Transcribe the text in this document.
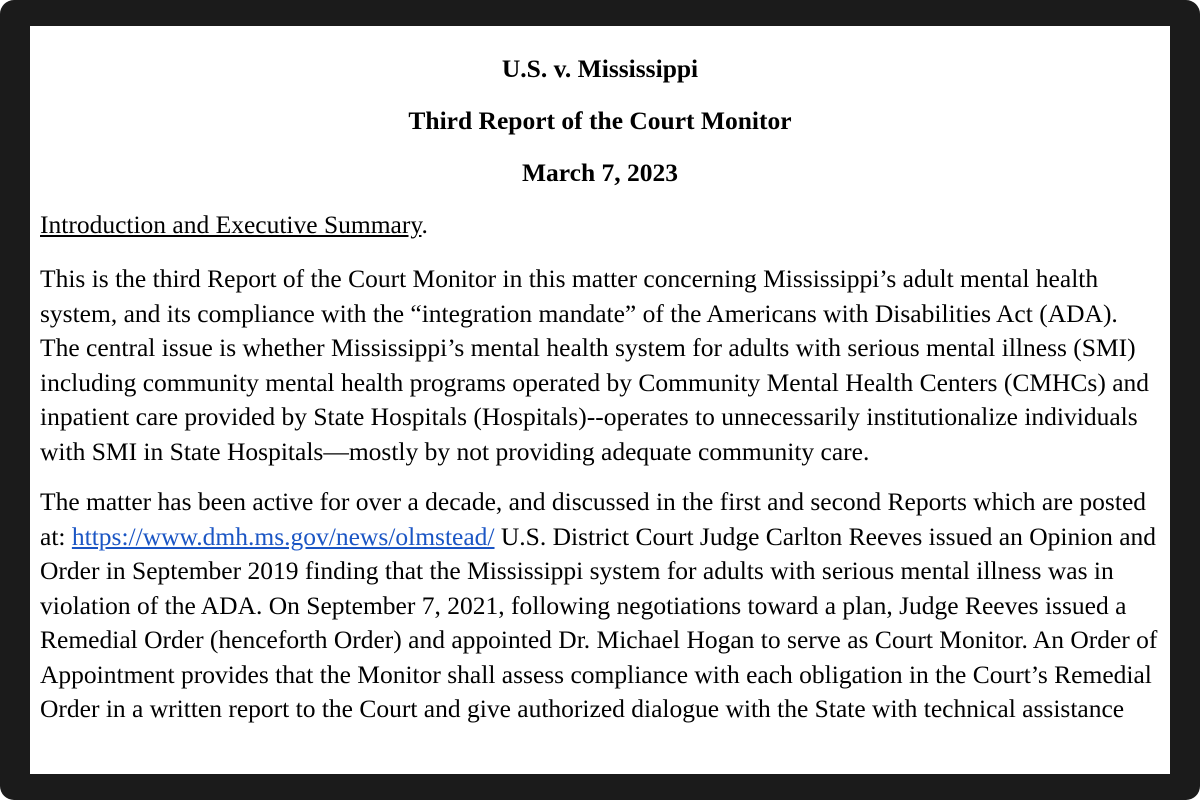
U.S. v. Mississippi

Third Report of the Court Monitor

March 7, 2023

Introduction and Executive Summary.

This is the third Report of the Court Monitor in this matter concerning Mississippi’s adult mental health system, and its compliance with the “integration mandate” of the Americans with Disabilities Act (ADA). The central issue is whether Mississippi’s mental health system for adults with serious mental illness (SMI) including community mental health programs operated by Community Mental Health Centers (CMHCs) and inpatient care provided by State Hospitals (Hospitals)--operates to unnecessarily institutionalize individuals with SMI in State Hospitals—mostly by not providing adequate community care.

The matter has been active for over a decade, and discussed in the first and second Reports which are posted at: https://www.dmh.ms.gov/news/olmstead/ U.S. District Court Judge Carlton Reeves issued an Opinion and Order in September 2019 finding that the Mississippi system for adults with serious mental illness was in violation of the ADA. On September 7, 2021, following negotiations toward a plan, Judge Reeves issued a Remedial Order (henceforth Order) and appointed Dr. Michael Hogan to serve as Court Monitor. An Order of Appointment provides that the Monitor shall assess compliance with each obligation in the Court’s Remedial Order in a written report to the Court and give authorized dialogue with the State with technical assistance
